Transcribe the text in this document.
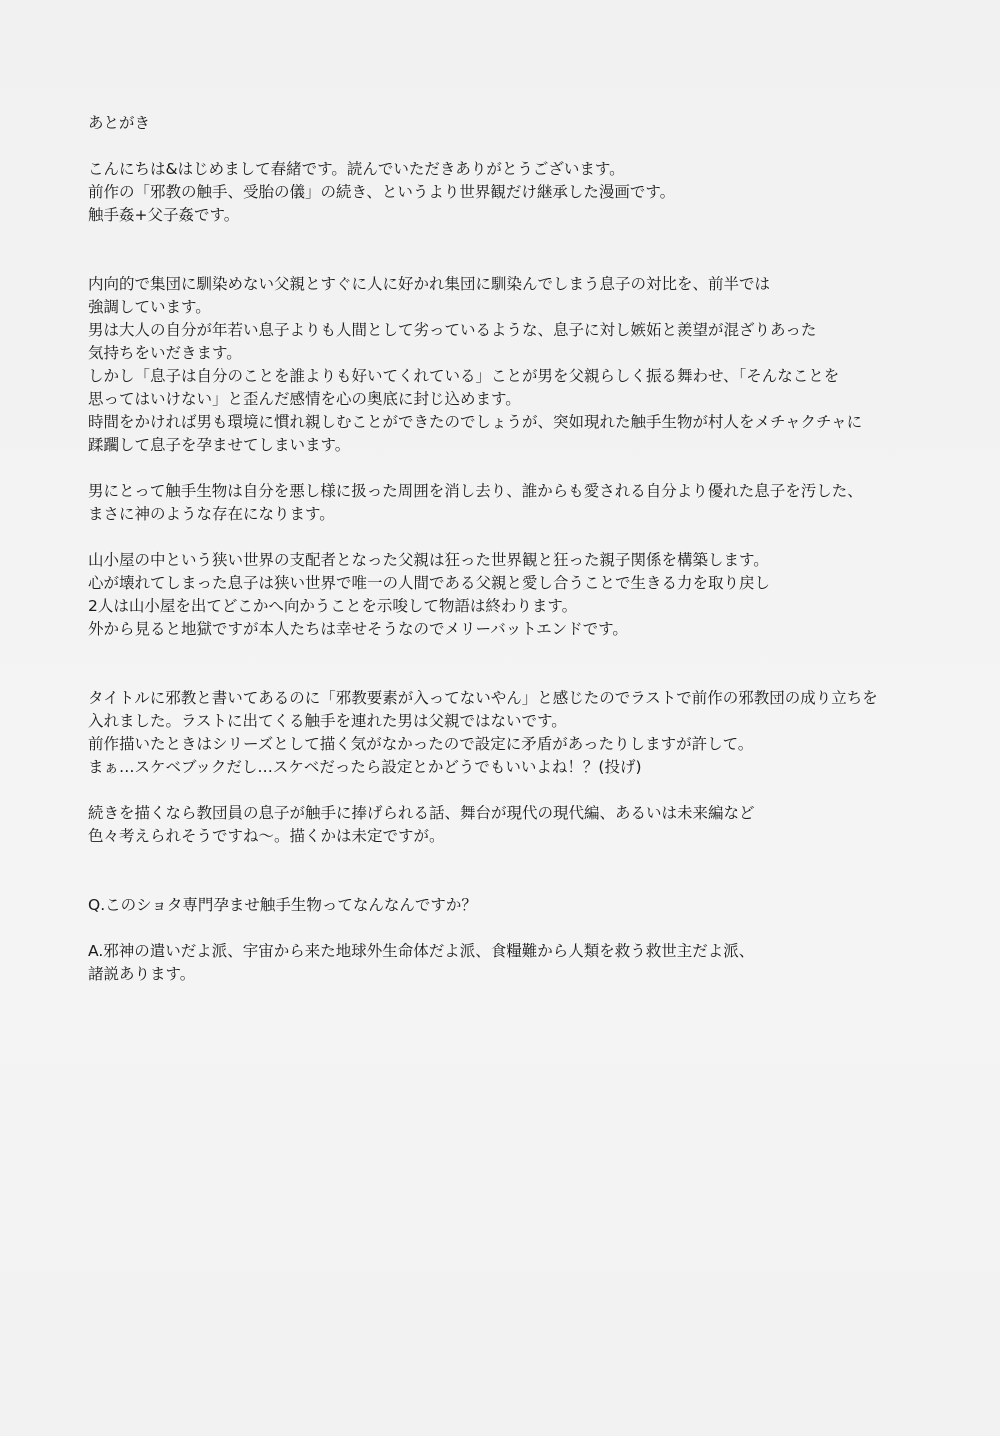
あとがき
こんにちは&はじめまして春緒です。読んでいただきありがとうございます。
前作の「邪教の触手、受胎の儀」の続き、というより世界観だけ継承した漫画です。
触手姦+父子姦です。
内向的で集団に馴染めない父親とすぐに人に好かれ集団に馴染んでしまう息子の対比を、前半では
強調しています。
男は大人の自分が年若い息子よりも人間として劣っているような、息子に対し嫉妬と羨望が混ざりあった
気持ちをいだきます。
しかし「息子は自分のことを誰よりも好いてくれている」ことが男を父親らしく振る舞わせ、「そんなことを
思ってはいけない」と歪んだ感情を心の奥底に封じ込めます。
時間をかければ男も環境に慣れ親しむことができたのでしょうが、突如現れた触手生物が村人をメチャクチャに
蹂躙して息子を孕ませてしまいます。
男にとって触手生物は自分を悪し様に扱った周囲を消し去り、誰からも愛される自分より優れた息子を汚した、
まさに神のような存在になります。
山小屋の中という狭い世界の支配者となった父親は狂った世界観と狂った親子関係を構築します。
心が壊れてしまった息子は狭い世界で唯一の人間である父親と愛し合うことで生きる力を取り戻し
2人は山小屋を出てどこかへ向かうことを示唆して物語は終わります。
外から見ると地獄ですが本人たちは幸せそうなのでメリーバットエンドです。
タイトルに邪教と書いてあるのに「邪教要素が入ってないやん」と感じたのでラストで前作の邪教団の成り立ちを
入れました。ラストに出てくる触手を連れた男は父親ではないです。
前作描いたときはシリーズとして描く気がなかったので設定に矛盾があったりしますが許して。
まぁ…スケベブックだし…スケベだったら設定とかどうでもいいよね！？(投げ)
続きを描くなら教団員の息子が触手に捧げられる話、舞台が現代の現代編、あるいは未来編など
色々考えられそうですね〜。描くかは未定ですが。
Q.このショタ専門孕ませ触手生物ってなんなんですか？
A.邪神の遣いだよ派、宇宙から来た地球外生命体だよ派、食糧難から人類を救う救世主だよ派、
諸説あります。
